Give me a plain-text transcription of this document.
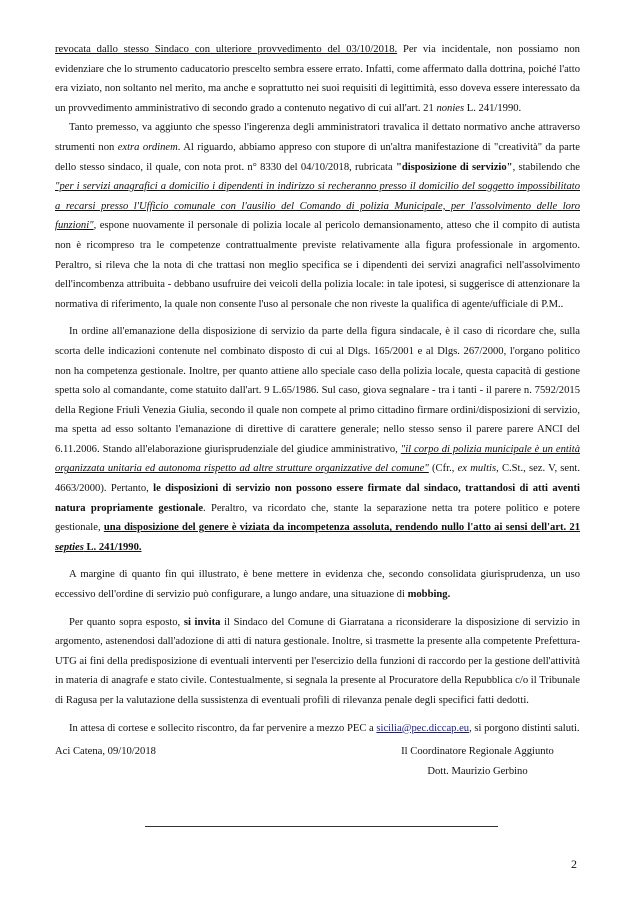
revocata dallo stesso Sindaco con ulteriore provvedimento del 03/10/2018. Per via incidentale, non possiamo non evidenziare che lo strumento caducatorio prescelto sembra essere errato. Infatti, come affermato dalla dottrina, poiché l'atto era viziato, non soltanto nel merito, ma anche e soprattutto nei suoi requisiti di legittimità, esso doveva essere interessato da un provvedimento amministrativo di secondo grado a contenuto negativo di cui all'art. 21 nonies L. 241/1990.

Tanto premesso, va aggiunto che spesso l'ingerenza degli amministratori travalica il dettato normativo anche attraverso strumenti non extra ordinem. Al riguardo, abbiamo appreso con stupore di un'altra manifestazione di "creatività" da parte dello stesso sindaco, il quale, con nota prot. n° 8330 del 04/10/2018, rubricata "disposizione di servizio", stabilendo che "per i servizi anagrafici a domicilio i dipendenti in indirizzo si recheranno presso il domicilio del soggetto impossibilitato a recarsi presso l'Ufficio comunale con l'ausilio del Comando di polizia Municipale, per l'assolvimento delle loro funzioni", espone nuovamente il personale di polizia locale al pericolo demansionamento, atteso che il compito di autista non è ricompreso tra le competenze contrattualmente previste relativamente alla figura professionale in argomento. Peraltro, si rileva che la nota di che trattasi non meglio specifica se i dipendenti dei servizi anagrafici nell'assolvimento dell'incombenza attribuita - debbano usufruire dei veicoli della polizia locale: in tale ipotesi, si suggerisce di attenzionare la normativa di riferimento, la quale non consente l'uso al personale che non riveste la qualifica di agente/ufficiale di P.M..

In ordine all'emanazione della disposizione di servizio da parte della figura sindacale, è il caso di ricordare che, sulla scorta delle indicazioni contenute nel combinato disposto di cui al Dlgs. 165/2001 e al Dlgs. 267/2000, l'organo politico non ha competenza gestionale. Inoltre, per quanto attiene allo speciale caso della polizia locale, questa capacità di gestione spetta solo al comandante, come statuito dall'art. 9 L.65/1986. Sul caso, giova segnalare - tra i tanti - il parere n. 7592/2015 della Regione Friuli Venezia Giulia, secondo il quale non compete al primo cittadino firmare ordini/disposizioni di servizio, ma spetta ad esso soltanto l'emanazione di direttive di carattere generale; nello stesso senso il parere parere ANCI del 6.11.2006. Stando all'elaborazione giurisprudenziale del giudice amministrativo, "il corpo di polizia municipale è un entità organizzata unitaria ed autonoma rispetto ad altre strutture organizzative del comune" (Cfr., ex multis, C.St., sez. V, sent. 4663/2000). Pertanto, le disposizioni di servizio non possono essere firmate dal sindaco, trattandosi di atti aventi natura propriamente gestionale. Peraltro, va ricordato che, stante la separazione netta tra potere politico e potere gestionale, una disposizione del genere è viziata da incompetenza assoluta, rendendo nullo l'atto ai sensi dell'art. 21 septies L. 241/1990.

A margine di quanto fin qui illustrato, è bene mettere in evidenza che, secondo consolidata giurisprudenza, un uso eccessivo dell'ordine di servizio può configurare, a lungo andare, una situazione di mobbing.

Per quanto sopra esposto, si invita il Sindaco del Comune di Giarratana a riconsiderare la disposizione di servizio in argomento, astenendosi dall'adozione di atti di natura gestionale. Inoltre, si trasmette la presente alla competente Prefettura-UTG ai fini della predisposizione di eventuali interventi per l'esercizio della funzioni di raccordo per la gestione dell'attività in materia di anagrafe e stato civile. Contestualmente, si segnala la presente al Procuratore della Repubblica c/o il Tribunale di Ragusa per la valutazione della sussistenza di eventuali profili di rilevanza penale degli specifici fatti dedotti.

In attesa di cortese e sollecito riscontro, da far pervenire a mezzo PEC a sicilia@pec.diccap.eu, si porgono distinti saluti.

Aci Catena, 09/10/2018	Il Coordinatore Regionale Aggiunto
Dott. Maurizio Gerbino
2
